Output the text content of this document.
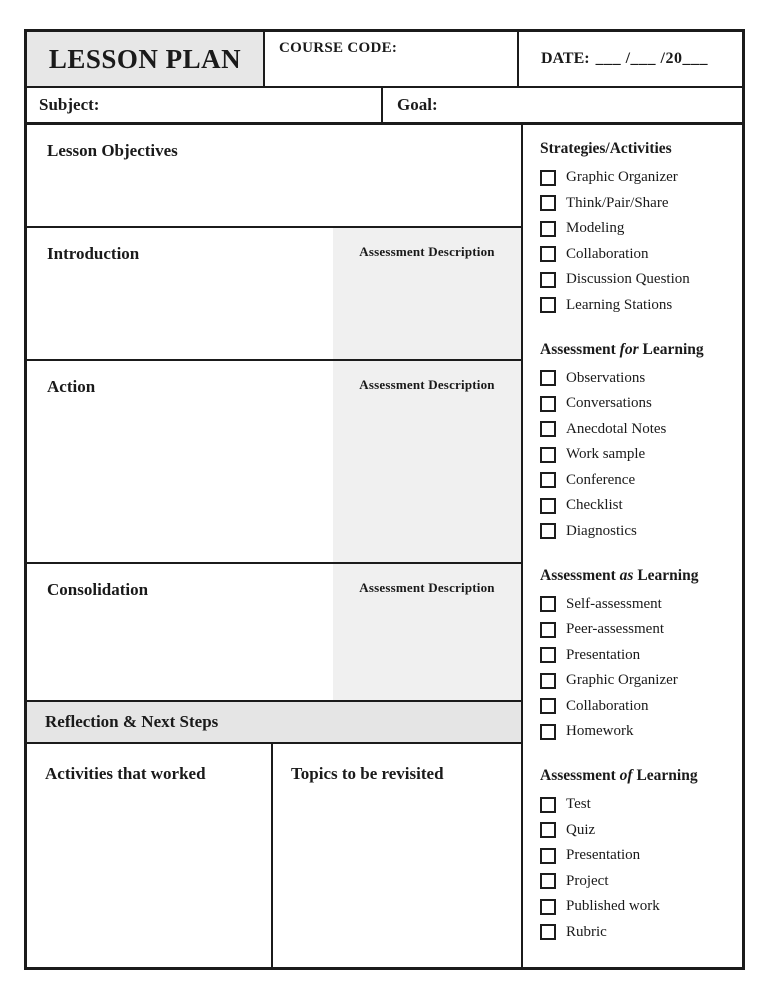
LESSON PLAN	COURSE CODE:
DATE: ___ /___ /20___
Subject:	Goal:
Lesson Objectives
Introduction	Assessment Description
Action	Assessment Description
Consolidation	Assessment Description
Reflection & Next Steps
Activities that worked	Topics to be revisited
Strategies/Activities
Graphic Organizer
Think/Pair/Share
Modeling
Collaboration
Discussion Question
Learning Stations
Assessment for Learning
Observations
Conversations
Anecdotal Notes
Work sample
Conference
Checklist
Diagnostics
Assessment as Learning
Self-assessment
Peer-assessment
Presentation
Graphic Organizer
Collaboration
Homework
Assessment of Learning
Test
Quiz
Presentation
Project
Published work
Rubric
